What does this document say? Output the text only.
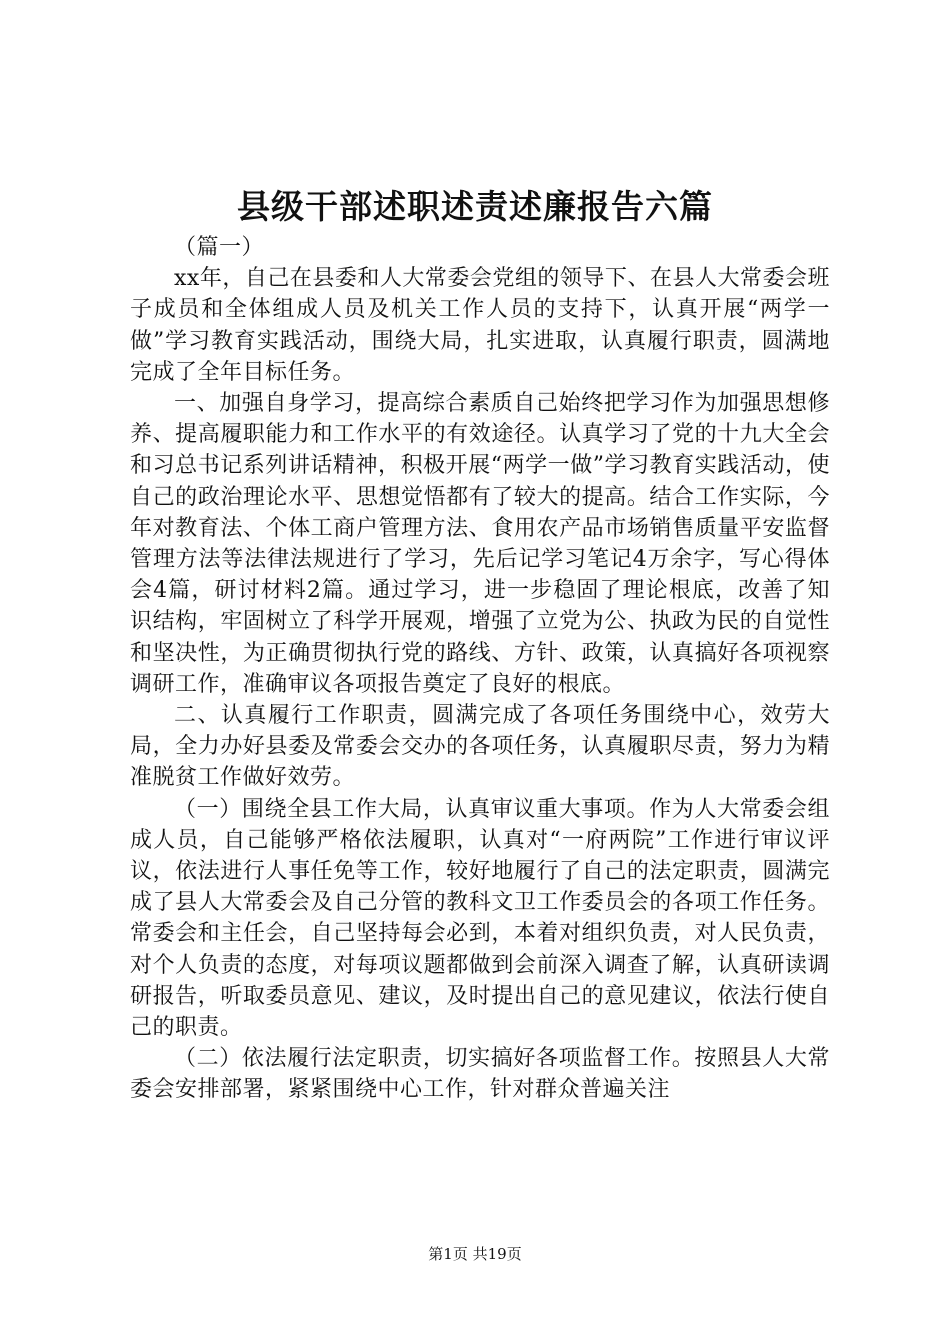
县级干部述职述责述廉报告六篇

（篇一）

xx年，自己在县委和人大常委会党组的领导下、在县人大常委会班子成员和全体组成人员及机关工作人员的支持下，认真开展“两学一做”学习教育实践活动，围绕大局，扎实进取，认真履行职责，圆满地完成了全年目标任务。

一、加强自身学习，提高综合素质自己始终把学习作为加强思想修养、提高履职能力和工作水平的有效途径。认真学习了党的十九大全会和习总书记系列讲话精神，积极开展“两学一做”学习教育实践活动，使自己的政治理论水平、思想觉悟都有了较大的提高。结合工作实际，今年对教育法、个体工商户管理方法、食用农产品市场销售质量平安监督管理方法等法律法规进行了学习，先后记学习笔记4万余字，写心得体会4篇，研讨材料2篇。通过学习，进一步稳固了理论根底，改善了知识结构，牢固树立了科学开展观，增强了立党为公、执政为民的自觉性和坚决性，为正确贯彻执行党的路线、方针、政策，认真搞好各项视察调研工作，准确审议各项报告奠定了良好的根底。

二、认真履行工作职责，圆满完成了各项任务围绕中心，效劳大局，全力办好县委及常委会交办的各项任务，认真履职尽责，努力为精准脱贫工作做好效劳。

（一）围绕全县工作大局，认真审议重大事项。作为人大常委会组成人员，自己能够严格依法履职，认真对“一府两院”工作进行审议评议，依法进行人事任免等工作，较好地履行了自己的法定职责，圆满完成了县人大常委会及自己分管的教科文卫工作委员会的各项工作任务。常委会和主任会，自己坚持每会必到，本着对组织负责，对人民负责，对个人负责的态度，对每项议题都做到会前深入调查了解，认真研读调研报告，听取委员意见、建议，及时提出自己的意见建议，依法行使自己的职责。

（二）依法履行法定职责，切实搞好各项监督工作。按照县人大常委会安排部署，紧紧围绕中心工作，针对群众普遍关注

第1页 共19页
